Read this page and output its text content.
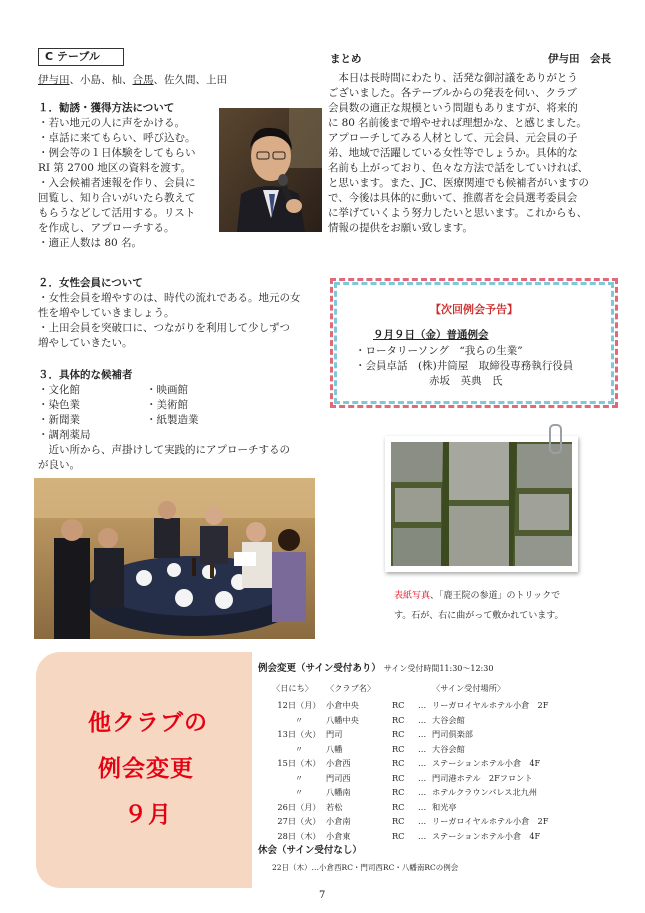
C テーブル
伊与田、小島、杣、合馬、佐久間、上田
１．勧誘・獲得方法について
・若い地元の人に声をかける。
・卓話に来てもらい、呼び込む。
・例会等の１日体験をしてもらい
RI 第 2700 地区の資料を渡す。
・入会候補者速報を作り、会員に
回覧し、知り合いがいたら教えて
もらうなどして活用する。リスト
を作成し、アプローチする。
・適正人数は 80 名。
２．女性会員について
・女性会員を増やすのは、時代の流れである。地元の女
性を増やしていきましょう。
・上田会員を突破口に、つながりを利用して少しずつ
増やしていきたい。
３．具体的な候補者
・文化館
・染色業
・新聞業
・調剤薬局
・映画館
・美術館
・紙製造業
　近い所から、声掛けして実践的にアプローチするの
が良い。
まとめ	伊与田　会長
　本日は長時間にわたり、活発な御討議をありがとう
ございました。各テーブルからの発表を伺い、クラブ
会員数の適正な規模という問題もありますが、将来的
に 80 名前後まで増やせれば理想かな、と感じました。
アプローチしてみる人材として、元会員、元会員の子
弟、地域で活躍している女性等でしょうか。具体的な
名前も上がっており、色々な方法で話をしていければ、
と思います。また、JC、医療関連でも候補者がいますの
で、今後は具体的に動いて、推薦者を会員選考委員会
に挙げていくよう努力したいと思います。これからも、
情報の提供をお願い致します。
【次回例会予告】
９月９日（金）普通例会
・ロータリーソング　“我らの生業”
・会員卓話　(株)井筒屋　取締役専務執行役員
赤坂　英典　氏
表紙写真、「鹿王院の参道」のトリックで
す。石が、右に曲がって敷かれています。
他クラブの
例会変更
９月
例会変更（サイン受付あり） サイン受付時間11:30～12:30
〈日にち〉	〈クラブ名〉	〈サイン受付場所〉
12日（月）	小倉中央	RC	…	リーガロイヤルホテル小倉　2F
〃	八幡中央	RC	…	大谷会館
13日（火）	門司	RC	…	門司倶楽部
〃	八幡	RC	…	大谷会館
15日（木）	小倉西	RC	…	ステーションホテル小倉　4F
〃	門司西	RC	…	門司港ホテル　2Fフロント
〃	八幡南	RC	…	ホテルクラウンパレス北九州
26日（月）	若松	RC	…	和光亭
27日（火）	小倉南	RC	…	リーガロイヤルホテル小倉　2F
28日（木）	小倉東	RC	…	ステーションホテル小倉　4F
休会（サイン受付なし）
22日（木）…小倉西RC・門司西RC・八幡南RCの例会
7
